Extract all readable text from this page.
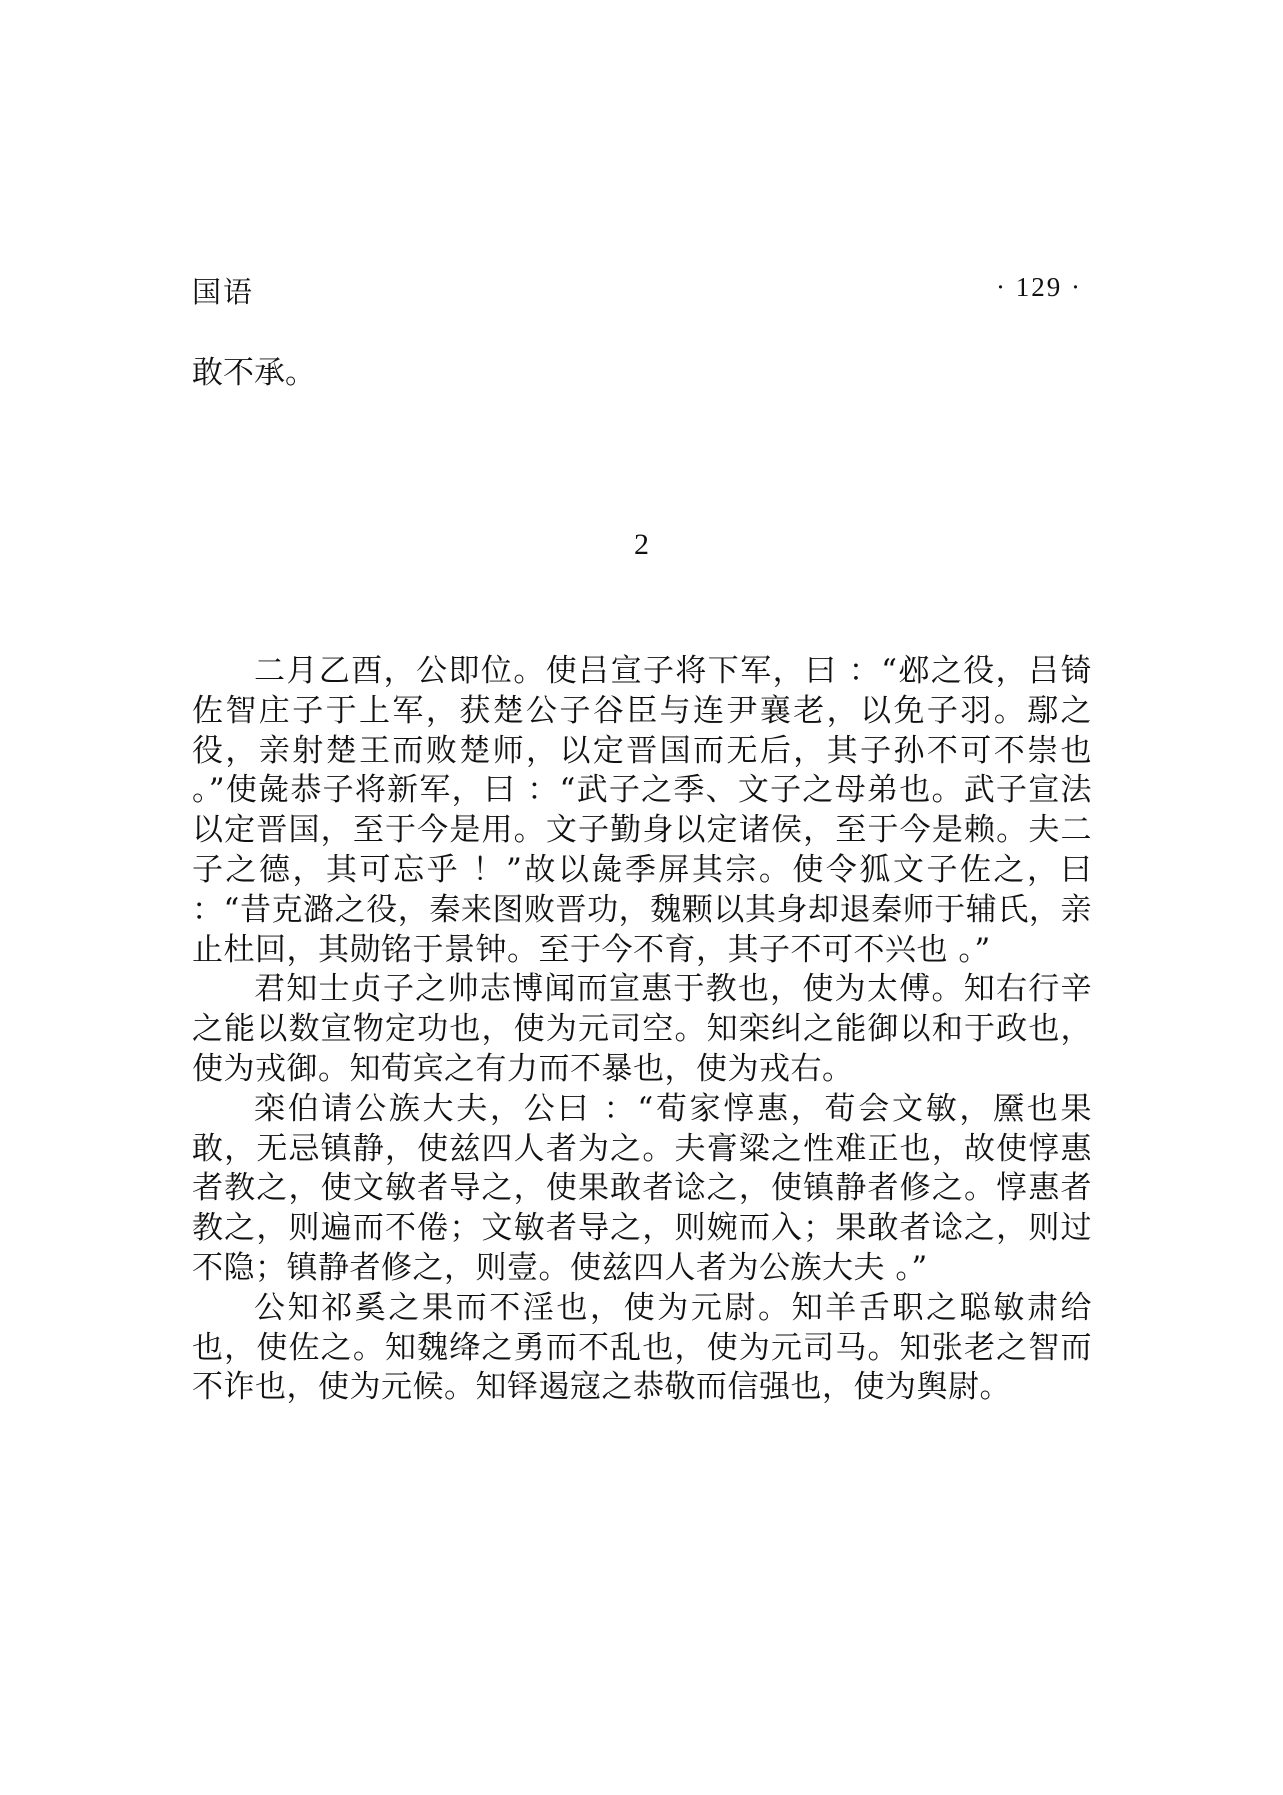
国语	· 129 ·

敢不承。

2

二月乙酉，公即位。使吕宣子将下军，曰 ：“邲之役，吕锜佐智庄子于上军，获楚公子谷臣与连尹襄老，以免子羽。鄢之役，亲射楚王而败楚师，以定晋国而无后，其子孙不可不崇也 。”使彘恭子将新军，曰 ：“武子之季、文子之母弟也。武子宣法以定晋国，至于今是用。文子勤身以定诸侯，至于今是赖。夫二子之德，其可忘乎 ！”故以彘季屏其宗。使令狐文子佐之，曰 ：“昔克潞之役，秦来图败晋功，魏颗以其身却退秦师于辅氏，亲止杜回，其勋铭于景钟。至于今不育，其子不可不兴也 。”

君知士贞子之帅志博闻而宣惠于教也，使为太傅。知右行辛之能以数宣物定功也，使为元司空。知栾纠之能御以和于政也，使为戎御。知荀宾之有力而不暴也，使为戎右。

栾伯请公族大夫，公曰 ：“荀家惇惠，荀会文敏，黡也果敢，无忌镇静，使兹四人者为之。夫膏粱之性难正也，故使惇惠者教之，使文敏者导之，使果敢者谂之，使镇静者修之。惇惠者教之，则遍而不倦；文敏者导之，则婉而入；果敢者谂之，则过不隐；镇静者修之，则壹。使兹四人者为公族大夫 。”

公知祁奚之果而不淫也，使为元尉。知羊舌职之聪敏肃给也，使佐之。知魏绛之勇而不乱也，使为元司马。知张老之智而不诈也，使为元候。知铎遏寇之恭敬而信强也，使为舆尉。
